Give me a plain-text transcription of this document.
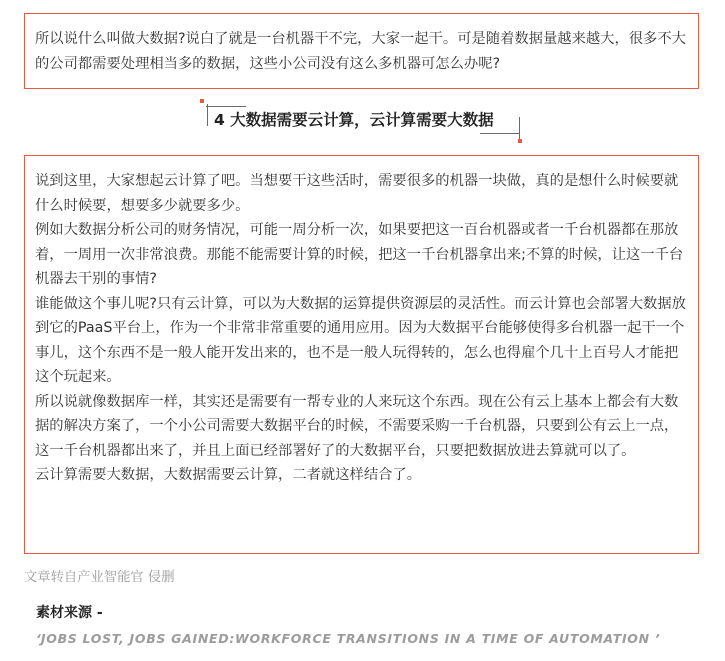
所以说什么叫做大数据?说白了就是一台机器干不完，大家一起干。可是随着数据量越来越大，很多不大的公司都需要处理相当多的数据，这些小公司没有这么多机器可怎么办呢?

4 大数据需要云计算，云计算需要大数据

说到这里，大家想起云计算了吧。当想要干这些活时，需要很多的机器一块做，真的是想什么时候要就什么时候要，想要多少就要多少。

例如大数据分析公司的财务情况，可能一周分析一次，如果要把这一百台机器或者一千台机器都在那放着，一周用一次非常浪费。那能不能需要计算的时候，把这一千台机器拿出来;不算的时候，让这一千台机器去干别的事情?

谁能做这个事儿呢?只有云计算，可以为大数据的运算提供资源层的灵活性。而云计算也会部署大数据放到它的PaaS平台上，作为一个非常非常重要的通用应用。因为大数据平台能够使得多台机器一起干一个事儿，这个东西不是一般人能开发出来的，也不是一般人玩得转的，怎么也得雇个几十上百号人才能把这个玩起来。

所以说就像数据库一样，其实还是需要有一帮专业的人来玩这个东西。现在公有云上基本上都会有大数据的解决方案了，一个小公司需要大数据平台的时候，不需要采购一千台机器，只要到公有云上一点，这一千台机器都出来了，并且上面已经部署好了的大数据平台，只要把数据放进去算就可以了。

云计算需要大数据，大数据需要云计算，二者就这样结合了。

文章转自产业智能官 侵删
素材来源 -
‘JOBS LOST, JOBS GAINED:WORKFORCE TRANSITIONS IN A TIME OF AUTOMATION ’
